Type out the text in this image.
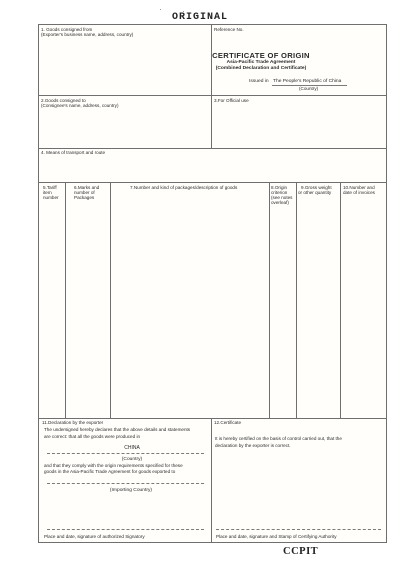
ORIGINAL
1. Goods consigned from
(Exporter's business name, address, country)
Reference No.
CERTIFICATE OF ORIGIN
Asia-Pacific Trade Agreement
(Combined Declaration and Certificate)
Issued in The People's Republic of China
(Country)
2.Goods consigned to
(Consignee's name, address, country)
3.For Official use
4. Means of transport and route
5.Tariff
item
number
6.Marks and
number of
Packages
7.Number and kind of packages/description of goods	8.Origin
criterion
(see notes
overleaf)
9.Gross weight
or other quantity
10.Number and
date of invoices
11.Declaration by the exporter
The undersigned hereby declares that the above details and statements
are correct: that all the goods were produced in
CHINA
(Country)
and that they comply with the origin requirements specified for these
goods in the Asia-Pacific Trade Agreement for goods exported to
(Importing Country)
Place and date, signature of authorized Signatory
12.Certificate
It is hereby certified on the basis of control carried out, that the
declaration by the exporter is correct.
Place and date, signature and Stamp of Certifying Authority
CCPIT
